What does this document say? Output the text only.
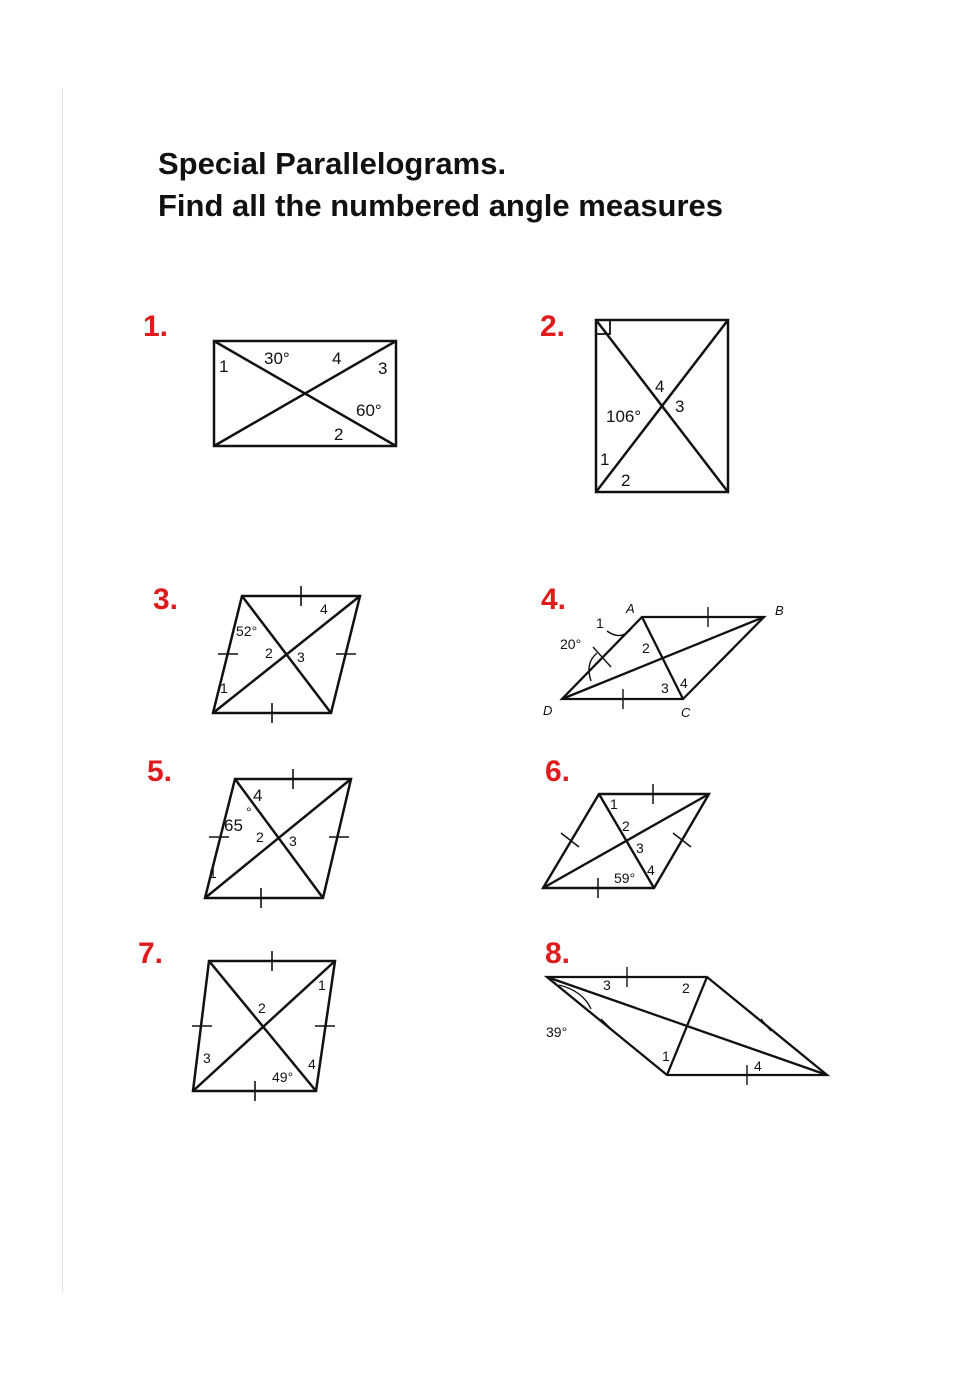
Special Parallelograms.
Find all the numbered angle measures
1.	2.
3.	4.
5.	6.
7.	8.
1 30° 4
3
60°
2
4
106°
3
1
2
4
52°
2 3
1
A	B
C
D
1
20°	2
3 4
4
65
°
2 3
1
1
2
3
59° 4
1
2
3
49°
4
3	2
39°
1
4
